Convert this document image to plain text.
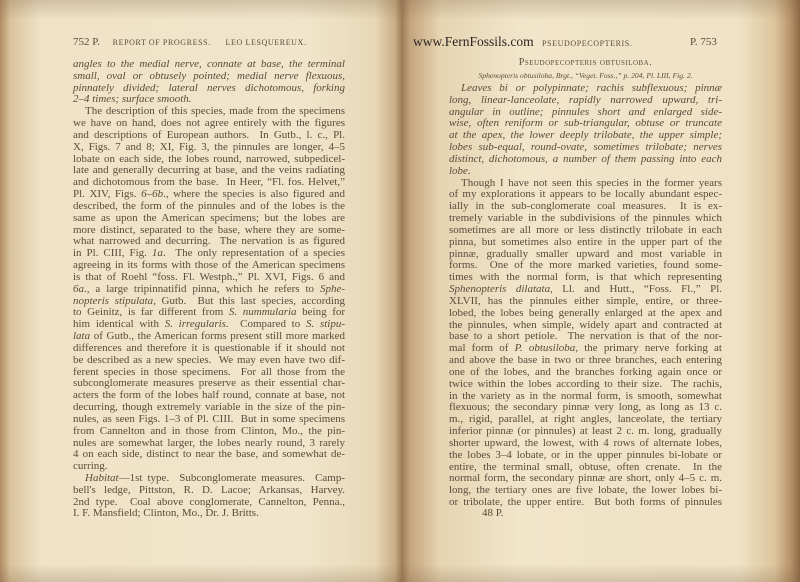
752 P. REPORT OF PROGRESS. LEO LESQUEREUX.
angles to the medial nerve, connate at base, the terminal
small, oval or obtusely pointed; medial nerve flexuous,
pinnately divided; lateral nerves dichotomous, forking
2–4 times; surface smooth.
The description of this species, made from the specimens
we have on hand, does not agree entirely with the figures
and descriptions of European authors.  In Gutb., l. c., Pl.
X, Figs. 7 and 8; XI, Fig. 3, the pinnules are longer, 4–5
lobate on each side, the lobes round, narrowed, subpedicel-
late and generally decurring at base, and the veins radiating
and dichotomous from the base.  In Heer, “Fl. fos. Helvet,”
Pl. XIV, Figs. 6–6b., where the species is also figured and
described, the form of the pinnules and of the lobes is the
same as upon the American specimens; but the lobes are
more distinct, separated to the base, where they are some-
what narrowed and decurring.  The nervation is as figured
in Pl. CIII, Fig. 1a.  The only representation of a species
agreeing in its forms with those of the American specimens
is that of Roehl “foss. Fl. Westph.,” Pl. XVI, Figs. 6 and
6a., a large tripinnatifid pinna, which he refers to Sphe-
nopteris stipulata, Gutb.  But this last species, according
to Geinitz, is far different from S. nummularia being for
him identical with S. irregularis.  Compared to S. stipu-
lata of Gutb., the American forms present still more marked
differences and therefore it is questionable if it should not
be described as a new species.  We may even have two dif-
ferent species in those specimens.  For all those from the
subconglomerate measures preserve as their essential char-
acters the form of the lobes half round, connate at base, not
decurring, though extremely variable in the size of the pin-
nules, as seen Figs. 1–3 of Pl. CIII.  But in some specimens
from Cannelton and in those from Clinton, Mo., the pin-
nules are somewhat larger, the lobes nearly round, 3 rarely
4 on each side, distinct to near the base, and somewhat de-
curring.
Habitat—1st type.  Subconglomerate measures.  Camp-
bell's ledge, Pittston, R. D. Lacoe; Arkansas, Harvey.
2nd type.  Coal above conglomerate, Cannelton, Penna.,
I. F. Mansfield; Clinton, Mo., Dr. J. Britts.
www.FernFossils.com PSEUDOPECOPTERIS.	P. 753
Pseudopecopteris obtusiloba.
Sphenopteris obtusiloba, Brgt., “Veget. Foss.,” p. 204, Pl. LIII, Fig. 2.
Leaves bi or polypinnate; rachis subflexuous; pinnæ
long, linear-lanceolate, rapidly narrowed upward, tri-
angular in outline; pinnules short and enlarged side-
wise, often reniform or sub-triangular, obtuse or truncate
at the apex, the lower deeply trilobate, the upper simple;
lobes sub-equal, round-ovate, sometimes trilobate; nerves
distinct, dichotomous, a number of them passing into each
lobe.
Though I have not seen this species in the former years
of my explorations it appears to be locally abundant espec-
ially in the sub-conglomerate coal measures.  It is ex-
tremely variable in the subdivisions of the pinnules which
sometimes are all more or less distinctly trilobate in each
pinna, but sometimes also entire in the upper part of the
pinnæ, gradually smaller upward and most variable in
forms.  One of the more marked varieties, found some-
times with the normal form, is that which representing
Sphenopteris dilatata, Ll. and Hutt., “Foss. Fl.,” Pl.
XLVII, has the pinnules either simple, entire, or three-
lobed, the lobes being generally enlarged at the apex and
the pinnules, when simple, widely apart and contracted at
base to a short petiole.  The nervation is that of the nor-
mal form of P. obtusiloba, the primary nerve forking at
and above the base in two or three branches, each entering
one of the lobes, and the branches forking again once or
twice within the lobes according to their size.  The rachis,
in the variety as in the normal form, is smooth, somewhat
flexuous; the secondary pinnæ very long, as long as 13 c.
m., rigid, parallel, at right angles, lanceolate, the tertiary
inferior pinnæ (or pinnules) at least 2 c. m. long, gradually
shorter upward, the lowest, with 4 rows of alternate lobes,
the lobes 3–4 lobate, or in the upper pinnules bi-lobate or
entire, the terminal small, obtuse, often crenate.  In the
normal form, the secondary pinnæ are short, only 4–5 c. m.
long, the tertiary ones are five lobate, the lower lobes bi-
or tribolate, the upper entire.  But both forms of pinnules
48 P.
